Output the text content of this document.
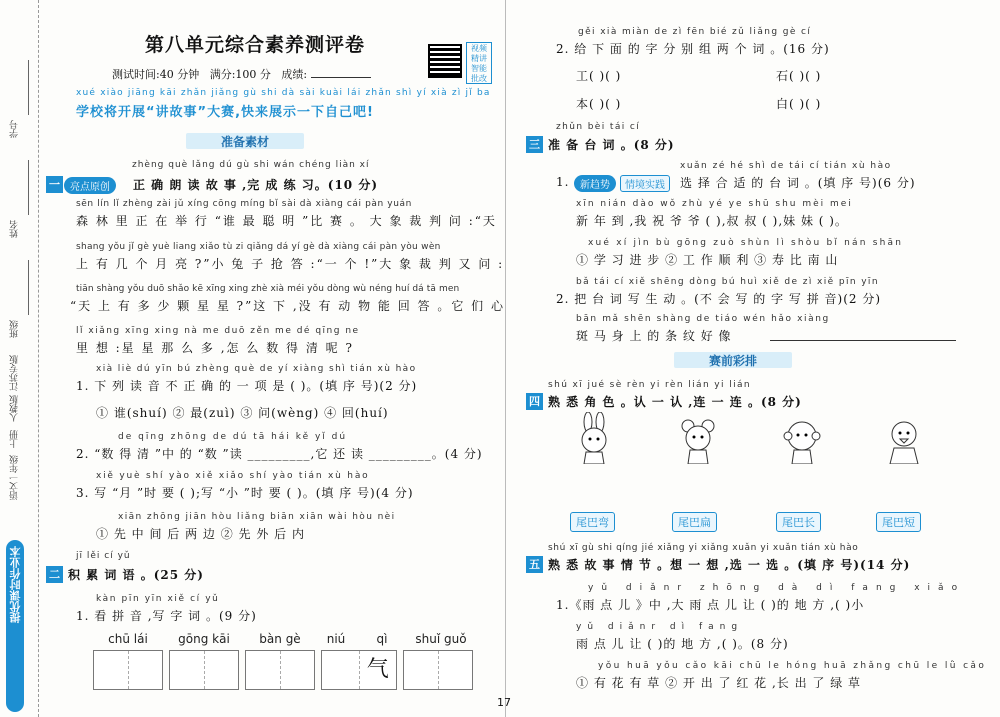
学号
姓名
班级
江苏专版
人教版
上册
语文一年级
提优课时作业本
第八单元综合素养测评卷	视频精讲智能批改
测试时间:40 分钟 满分:100 分 成绩:
xué xiào jiāng kāi zhǎn jiǎng gù shi dà sài kuài lái zhǎn shì yí xià zì jǐ ba
学校将开展“讲故事”大赛,快来展示一下自己吧!
准备素材
zhèng què lǎng dú gù shi wán chéng liàn xí
一	亮点原创	正 确 朗 读 故 事 ,完 成 练 习。(10 分)
sēn lín lǐ zhèng zài jǔ xíng cōng míng bǐ sài dà xiàng cái pàn yuán
森 林 里 正 在 举 行 “谁 最 聪 明 ”比 赛 。 大 象 裁 判 问 :“天
shang yǒu jǐ gè yuè liang xiǎo tù zi qiǎng dá yí gè dà xiàng cái pàn yòu wèn
上 有 几 个 月 亮 ?”小 兔 子 抢 答 :“一 个 !”大 象 裁 判 又 问 :
tiān shàng yǒu duō shǎo kē xīng xing zhè xià méi yǒu dòng wù néng huí dá tā men
“天 上 有 多 少 颗 星 星 ?”这 下 ,没 有 动 物 能 回 答 。它 们 心
lǐ xiǎng xīng xing nà me duō zěn me dé qīng ne
里 想 :星 星 那 么 多 ,怎 么 数 得 清 呢 ?
xià liè dú yīn bú zhèng què de yí xiàng shì tián xù hào
1. 下 列 读 音 不 正 确 的 一 项 是 ( )。(填 序 号)(2 分)
① 谁(shuí) ② 最(zuì) ③ 问(wèng) ④ 回(huí)
de qīng zhōng de dú tā hái kě yǐ dú
2. “数 得 清 ”中 的 “数 ”读 _________,它 还 读 _________。(4 分)
xiě yuè shí yào xiě xiǎo shí yào tián xù hào
3. 写 “月 ”时 要 ( );写 “小 ”时 要 ( )。(填 序 号)(4 分)
xiān zhōng jiān hòu liǎng biān xiān wài hòu nèi
① 先 中 间 后 两 边 ② 先 外 后 内
jī lěi cí yǔ
二 积 累 词 语 。(25 分)
kàn pīn yīn xiě cí yǔ
1. 看 拼 音 ,写 字 词 。(9 分)
chū lái	gōng kāi	bàn gè	niú	qì	shuǐ guǒ
气
17
gěi xià miàn de zì fēn bié zǔ liǎng gè cí
2. 给 下 面 的 字 分 别 组 两 个 词 。(16 分)
工( )( )	石( )( )
本( )( )	白( )( )
zhǔn bèi tái cí
三 准 备 台 词 。(8 分)
xuǎn zé hé shì de tái cí tián xù hào
1.	新趋势	情境实践	选 择 合 适 的 台 词 。(填 序 号)(6 分)
xīn nián dào wǒ zhù yé ye shū shu mèi mei
新 年 到 ,我 祝 爷 爷 ( ),叔 叔 ( ),妹 妹 ( )。
xué xí jìn bù gōng zuò shùn lì shòu bǐ nán shān
① 学 习 进 步 ② 工 作 顺 利 ③ 寿 比 南 山
bǎ tái cí xiě shēng dòng bú huì xiě de zì xiě pīn yīn
2. 把 台 词 写 生 动 。(不 会 写 的 字 写 拼 音)(2 分)
bān mǎ shēn shàng de tiáo wén hǎo xiàng
斑 马 身 上 的 条 纹 好 像
赛前彩排
shú xī jué sè rèn yi rèn lián yi lián
四 熟 悉 角 色 。认 一 认 ,连 一 连 。(8 分)
尾巴弯	尾巴扁	尾巴长	尾巴短
shú xī gù shi qíng jié xiǎng yi xiǎng xuǎn yi xuǎn tián xù hào
五 熟 悉 故 事 情 节 。想 一 想 ,选 一 选 。(填 序 号)(14 分)
yǔ diǎnr zhōng dà dì fang xiǎo
1.《雨 点 儿 》中 ,大 雨 点 儿 让 ( )的 地 方 ,( )小
yǔ diǎnr dì fang
雨 点 儿 让 ( )的 地 方 ,( )。(8 分)
yǒu huā yǒu cǎo kāi chū le hóng huā zhǎng chū le lǜ cǎo
① 有 花 有 草 ② 开 出 了 红 花 ,长 出 了 绿 草
